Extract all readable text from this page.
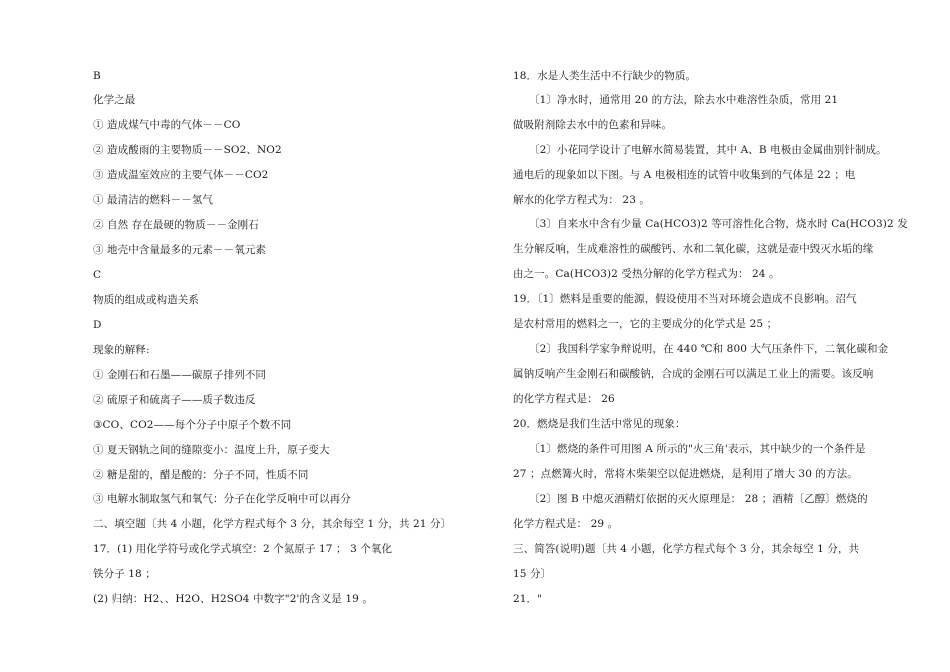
B
化学之最
① 造成煤气中毒的气体－－CO
② 造成酸雨的主要物质－－SO2、NO2
③ 造成温室效应的主要气体－－CO2
① 最清洁的燃料－－氢气
② 自然 存在最硬的物质－－金刚石
③ 地壳中含量最多的元素－－氧元素
C
物质的组成或构造关系
D
现象的解释:
① 金刚石和石墨——碳原子排列不同
② 硫原子和硫离子——质子数违反
③CO、CO2——每个分子中原子个数不同
① 夏天钢轨之间的缝隙变小：温度上升，原子变大
② 糖是甜的，醋是酸的：分子不同，性质不同
③ 电解水制取氢气和氧气：分子在化学反响中可以再分
二、填空题〔共 4 小题，化学方程式每个 3 分，其余每空 1 分，共 21 分〕
17．(1) 用化学符号或化学式填空：2 个氮原子 17 ； 3 个氧化
铁分子 18 ；
(2) 归纳：H2、、H2O、H2SO4 中数字"2'的含义是 19 。
18．水是人类生活中不行缺少的物质。
〔1〕净水时，通常用 20 的方法，除去水中难溶性杂质，常用 21
做吸附剂除去水中的色素和异味。
〔2〕小花同学设计了电解水简易装置，其中 A、B 电极由金属曲别针制成。
通电后的现象如以下图。与 A 电极相连的试管中收集到的气体是 22 ；电
解水的化学方程式为： 23 。
〔3〕自来水中含有少量 Ca(HCO3)2 等可溶性化合物，烧水时 Ca(HCO3)2 发
生分解反响，生成难溶性的碳酸钙、水和二氧化碳，这就是壶中毁灭水垢的缘
由之一。Ca(HCO3)2 受热分解的化学方程式为： 24 。
19．〔1〕燃料是重要的能源，假设使用不当对环境会造成不良影响。沼气
是农村常用的燃料之一，它的主要成分的化学式是 25 ；
〔2〕我国科学家争辩说明，在 440 ℃和 800 大气压条件下，二氧化碳和金
属钠反响产生金刚石和碳酸钠，合成的金刚石可以满足工业上的需要。该反响
的化学方程式是： 26
20．燃烧是我们生活中常见的现象：
〔1〕燃烧的条件可用图 A 所示的"火三角'表示，其中缺少的一个条件是
27 ；点燃篝火时，常将木柴架空以促进燃烧，是利用了增大 30 的方法。
〔2〕图 B 中熄灭酒精灯依据的灭火原理是： 28 ；酒精〔乙醇〕燃烧的
化学方程式是： 29 。
三、简答(说明)题〔共 4 小题，化学方程式每个 3 分，其余每空 1 分，共
15 分〕
21．"
